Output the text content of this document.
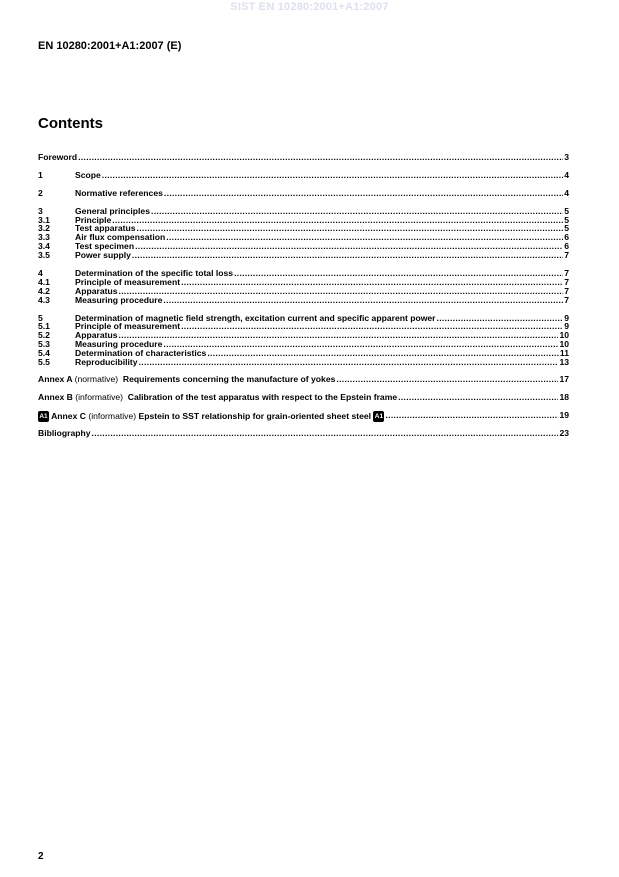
SIST EN 10280:2001+A1:2007
EN 10280:2001+A1:2007 (E)
Contents
Foreword .....	3
1	Scope .....	4
2	Normative references .....	4
3	General principles .....	5
3.1	Principle .....	5
3.2	Test apparatus .....	5
3.3	Air flux compensation .....	6
3.4	Test specimen .....	6
3.5	Power supply .....	7
4	Determination of the specific total loss .....	7
4.1	Principle of measurement .....	7
4.2	Apparatus .....	7
4.3	Measuring procedure .....	7
5	Determination of magnetic field strength, excitation current and specific apparent power .....	9
5.1	Principle of measurement .....	9
5.2	Apparatus .....	10
5.3	Measuring procedure .....	10
5.4	Determination of characteristics .....	11
5.5	Reproducibility .....	13
Annex A (normative) Requirements concerning the manufacture of yokes .....	17
Annex B (informative) Calibration of the test apparatus with respect to the Epstein frame .....	18
A1 Annex C (informative) Epstein to SST relationship for grain-oriented sheet steel A1 .....	19
Bibliography .....	23
2
